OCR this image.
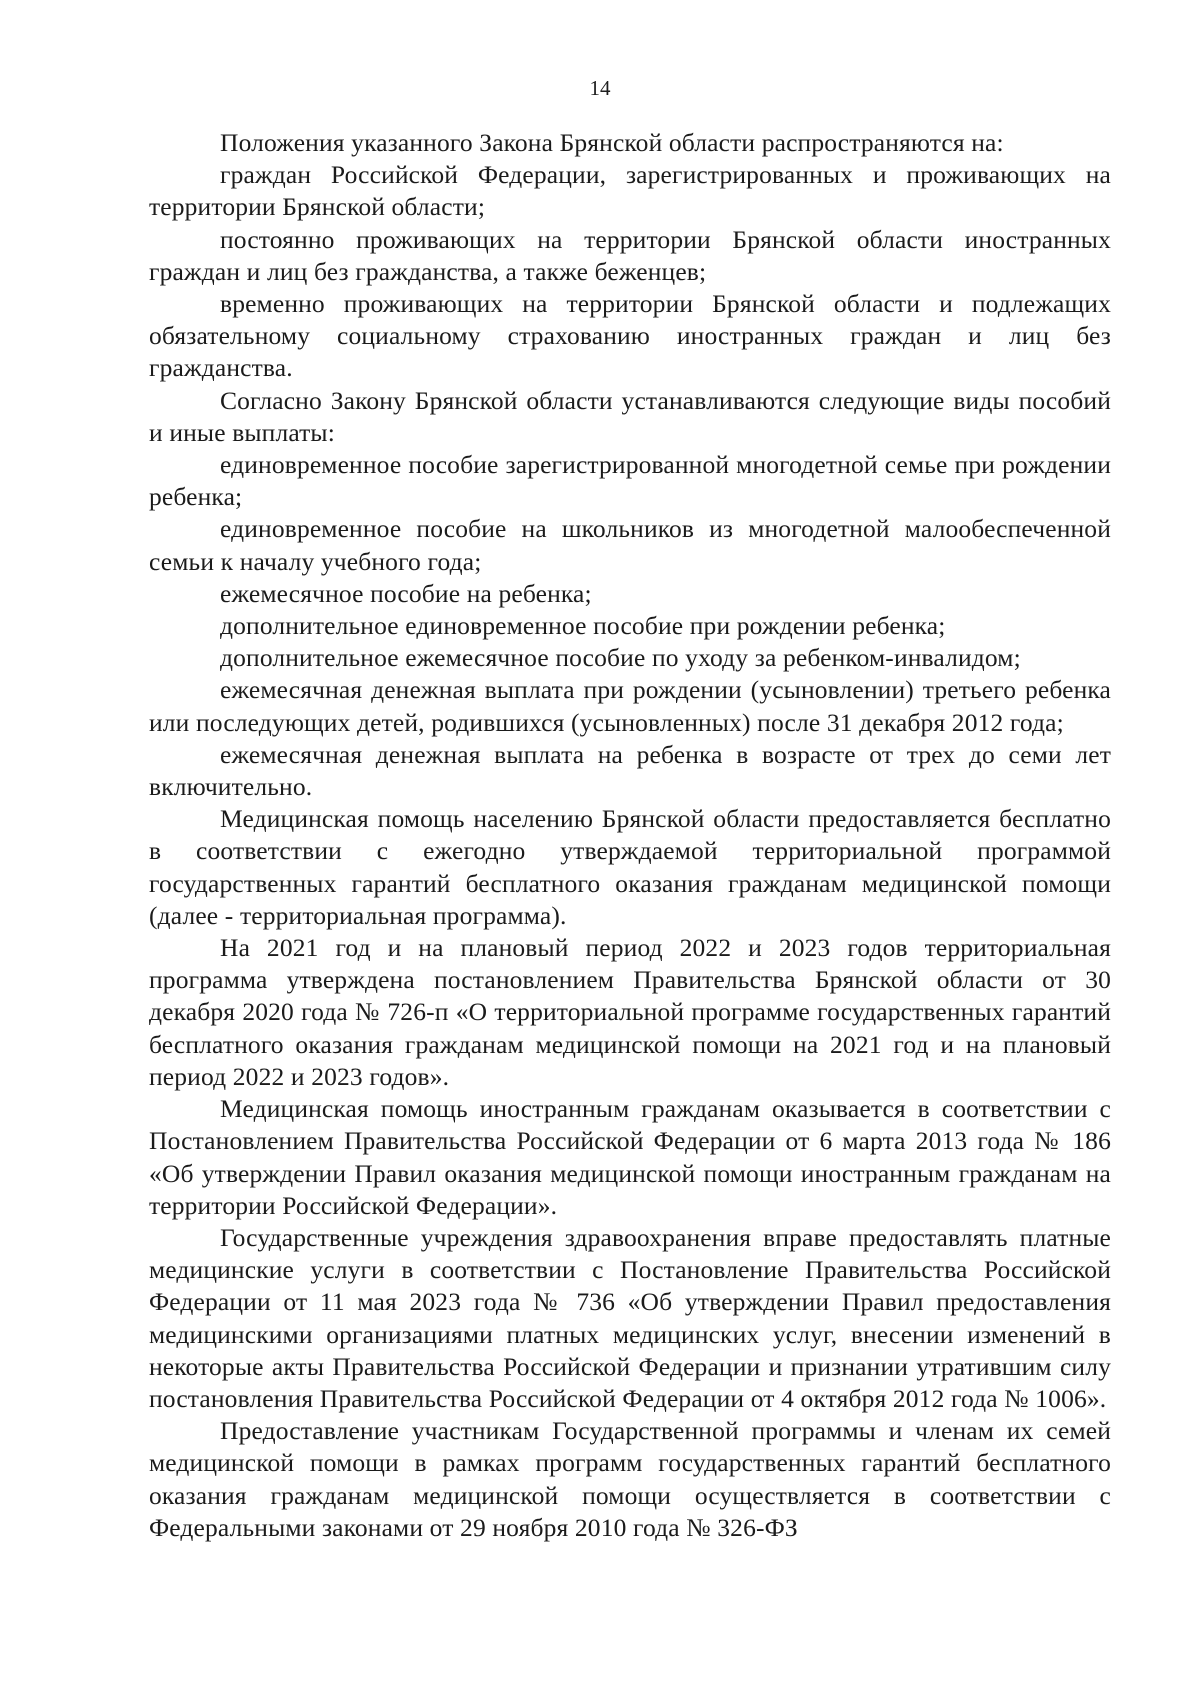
14

Положения указанного Закона Брянской области распространяются на:

граждан Российской Федерации, зарегистрированных и проживающих на территории Брянской области;

постоянно проживающих на территории Брянской области иностранных граждан и лиц без гражданства, а также беженцев;

временно проживающих на территории Брянской области и подлежащих обязательному социальному страхованию иностранных граждан и лиц без гражданства.

Согласно Закону Брянской области устанавливаются следующие виды пособий и иные выплаты:

единовременное пособие зарегистрированной многодетной семье при рождении ребенка;

единовременное пособие на школьников из многодетной малообеспеченной семьи к началу учебного года;

ежемесячное пособие на ребенка;

дополнительное единовременное пособие при рождении ребенка;

дополнительное ежемесячное пособие по уходу за ребенком-инвалидом;

ежемесячная денежная выплата при рождении (усыновлении) третьего ребенка или последующих детей, родившихся (усыновленных) после 31 декабря 2012 года;

ежемесячная денежная выплата на ребенка в возрасте от трех до семи лет включительно.

Медицинская помощь населению Брянской области предоставляется бесплатно в соответствии с ежегодно утверждаемой территориальной программой государственных гарантий бесплатного оказания гражданам медицинской помощи (далее - территориальная программа).

На 2021 год и на плановый период 2022 и 2023 годов территориальная программа утверждена постановлением Правительства Брянской области от 30 декабря 2020 года № 726-п «О территориальной программе государственных гарантий бесплатного оказания гражданам медицинской помощи на 2021 год и на плановый период 2022 и 2023 годов».

Медицинская помощь иностранным гражданам оказывается в соответствии с Постановлением Правительства Российской Федерации от 6 марта 2013 года № 186 «Об утверждении Правил оказания медицинской помощи иностранным гражданам на территории Российской Федерации».

Государственные учреждения здравоохранения вправе предоставлять платные медицинские услуги в соответствии с Постановление Правительства Российской Федерации от 11 мая 2023 года № 736 «Об утверждении Правил предоставления медицинскими организациями платных медицинских услуг, внесении изменений в некоторые акты Правительства Российской Федерации и признании утратившим силу постановления Правительства Российской Федерации от 4 октября 2012 года № 1006».

Предоставление участникам Государственной программы и членам их семей медицинской помощи в рамках программ государственных гарантий бесплатного оказания гражданам медицинской помощи осуществляется в соответствии с Федеральными законами от 29 ноября 2010 года № 326-ФЗ
